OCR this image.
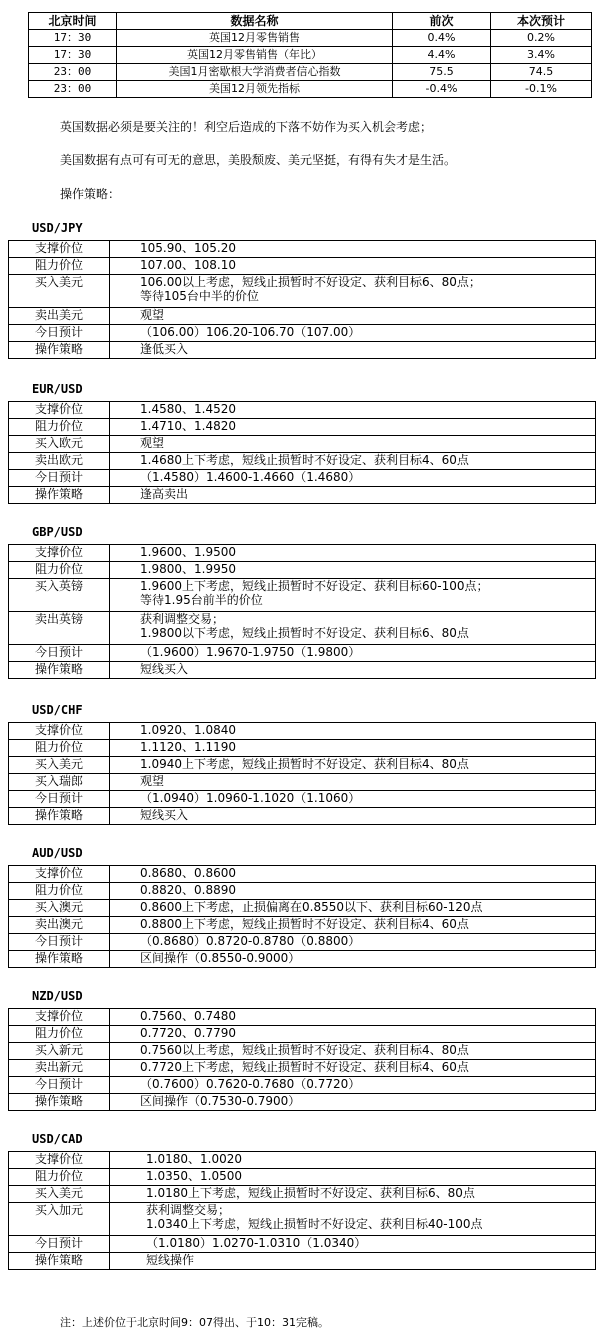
北京时间	数据名称	前次	本次预计
17：30	英国12月零售销售	0.4%	0.2%
17：30	英国12月零售销售（年比）	4.4%	3.4%
23：00	美国1月密歇根大学消费者信心指数	75.5	74.5
23：00	美国12月领先指标	-0.4%	-0.1%
英国数据必须是要关注的！利空后造成的下落不妨作为买入机会考虑；
美国数据有点可有可无的意思，美股颓废、美元坚挺，有得有失才是生活。
操作策略：
USD/JPY
支撑价位	105.90、105.20

阻力价位	107.00、108.10

买入美元	106.00以上考虑，短线止损暂时不好设定、获利目标6、80点；
等待105台中半的价位

卖出美元	观望

今日预计	（106.00）106.20-106.70（107.00）

操作策略	逢低买入
EUR/USD
支撑价位	1.4580、1.4520

阻力价位	1.4710、1.4820

买入欧元	观望

卖出欧元	1.4680上下考虑，短线止损暂时不好设定、获利目标4、60点

今日预计	（1.4580）1.4600-1.4660（1.4680）

操作策略	逢高卖出
GBP/USD
支撑价位	1.9600、1.9500

阻力价位	1.9800、1.9950

买入英镑	1.9600上下考虑，短线止损暂时不好设定、获利目标60-100点；
等待1.95台前半的价位

卖出英镑	获利调整交易；
1.9800以下考虑，短线止损暂时不好设定、获利目标6、80点

今日预计	（1.9600）1.9670-1.9750（1.9800）

操作策略	短线买入
USD/CHF
支撑价位	1.0920、1.0840

阻力价位	1.1120、1.1190

买入美元	1.0940上下考虑，短线止损暂时不好设定、获利目标4、80点

买入瑞郎	观望

今日预计	（1.0940）1.0960-1.1020（1.1060）

操作策略	短线买入
AUD/USD
支撑价位	0.8680、0.8600

阻力价位	0.8820、0.8890

买入澳元	0.8600上下考虑，止损偏离在0.8550以下、获利目标60-120点

卖出澳元	0.8800上下考虑，短线止损暂时不好设定、获利目标4、60点

今日预计	（0.8680）0.8720-0.8780（0.8800）

操作策略	区间操作（0.8550-0.9000）
NZD/USD
支撑价位	0.7560、0.7480

阻力价位	0.7720、0.7790

买入新元	0.7560以上考虑，短线止损暂时不好设定、获利目标4、80点

卖出新元	0.7720上下考虑，短线止损暂时不好设定、获利目标4、60点

今日预计	（0.7600）0.7620-0.7680（0.7720）

操作策略	区间操作（0.7530-0.7900）
USD/CAD
支撑价位	1.0180、1.0020

阻力价位	1.0350、1.0500

买入美元	1.0180上下考虑，短线止损暂时不好设定、获利目标6、80点

买入加元	获利调整交易；
1.0340上下考虑，短线止损暂时不好设定、获利目标40-100点

今日预计	（1.0180）1.0270-1.0310（1.0340）

操作策略	短线操作
注：上述价位于北京时间9：07得出、于10：31完稿。
